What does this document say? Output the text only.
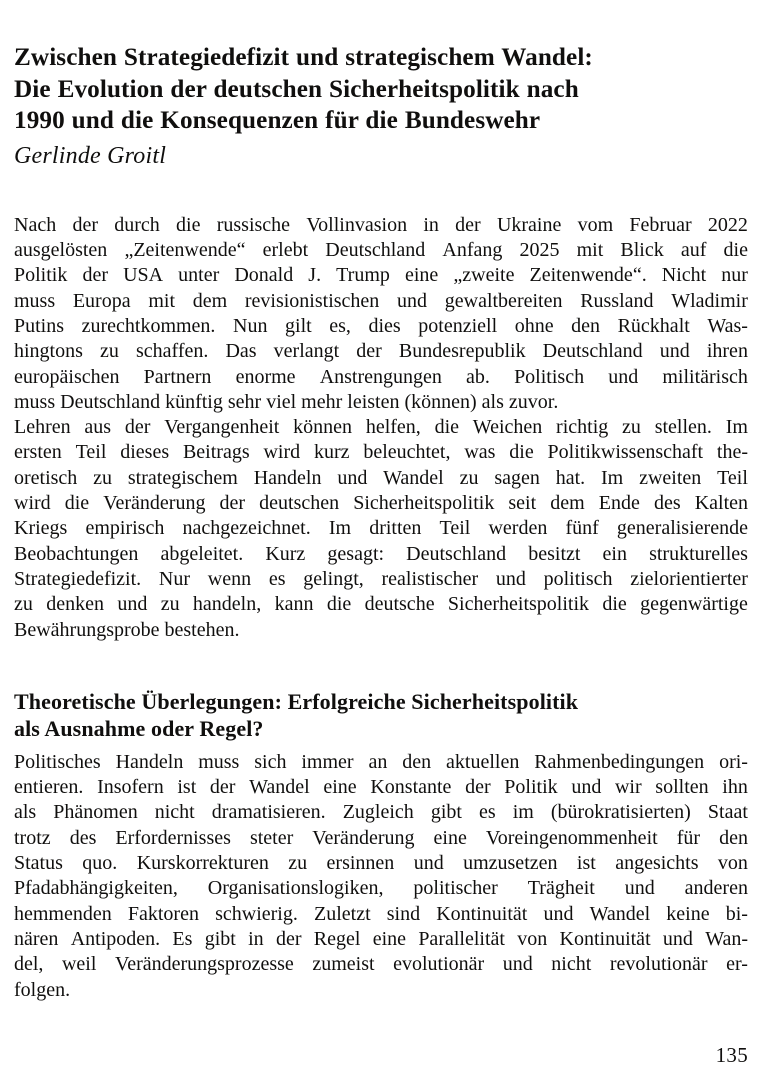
Zwischen Strategiedefizit und strategischem Wandel:
Die Evolution der deutschen Sicherheitspolitik nach
1990 und die Konsequenzen für die Bundeswehr

Gerlinde Groitl

Nach der durch die russische Vollinvasion in der Ukraine vom Februar 2022
ausgelösten „Zeitenwende“ erlebt Deutschland Anfang 2025 mit Blick auf die
Politik der USA unter Donald J. Trump eine „zweite Zeitenwende“. Nicht nur
muss Europa mit dem revisionistischen und gewaltbereiten Russland Wladimir
Putins zurechtkommen. Nun gilt es, dies potenziell ohne den Rückhalt Was-
hingtons zu schaffen. Das verlangt der Bundesrepublik Deutschland und ihren
europäischen Partnern enorme Anstrengungen ab. Politisch und militärisch
muss Deutschland künftig sehr viel mehr leisten (können) als zuvor.

Lehren aus der Vergangenheit können helfen, die Weichen richtig zu stellen. Im
ersten Teil dieses Beitrags wird kurz beleuchtet, was die Politikwissenschaft the-
oretisch zu strategischem Handeln und Wandel zu sagen hat. Im zweiten Teil
wird die Veränderung der deutschen Sicherheitspolitik seit dem Ende des Kalten
Kriegs empirisch nachgezeichnet. Im dritten Teil werden fünf generalisierende
Beobachtungen abgeleitet. Kurz gesagt: Deutschland besitzt ein strukturelles
Strategiedefizit. Nur wenn es gelingt, realistischer und politisch zielorientierter
zu denken und zu handeln, kann die deutsche Sicherheitspolitik die gegenwärtige
Bewährungsprobe bestehen.

Theoretische Überlegungen: Erfolgreiche Sicherheitspolitik
als Ausnahme oder Regel?

Politisches Handeln muss sich immer an den aktuellen Rahmenbedingungen ori-
entieren. Insofern ist der Wandel eine Konstante der Politik und wir sollten ihn
als Phänomen nicht dramatisieren. Zugleich gibt es im (bürokratisierten) Staat
trotz des Erfordernisses steter Veränderung eine Voreingenommenheit für den
Status quo. Kurskorrekturen zu ersinnen und umzusetzen ist angesichts von
Pfadabhängigkeiten, Organisationslogiken, politischer Trägheit und anderen
hemmenden Faktoren schwierig. Zuletzt sind Kontinuität und Wandel keine bi-
nären Antipoden. Es gibt in der Regel eine Parallelität von Kontinuität und Wan-
del, weil Veränderungsprozesse zumeist evolutionär und nicht revolutionär er-
folgen.

135
